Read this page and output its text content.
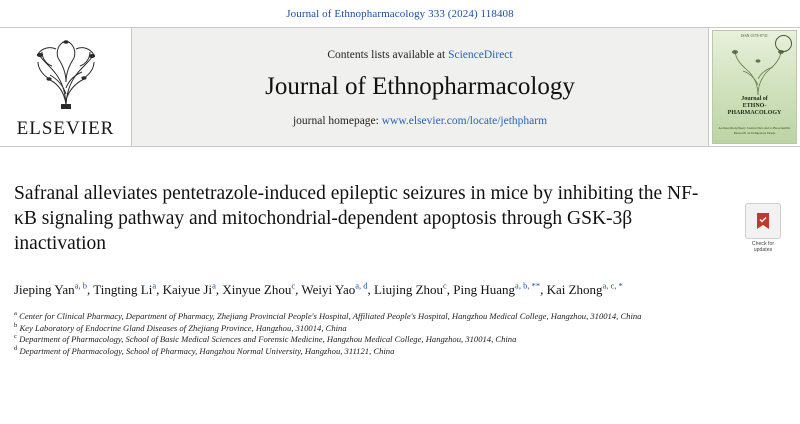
Journal of Ethnopharmacology 333 (2024) 118408
ELSEVIER
Contents lists available at ScienceDirect
Journal of Ethnopharmacology
journal homepage: www.elsevier.com/locate/jethpharm
ISSN 0378-8741
Journal of
ETHNO-
PHARMACOLOGY
An Interdisciplinary Journal Devoted to Bioscientific Research on Indigenous Drugs
Check for
updates
Safranal alleviates pentetrazole-induced epileptic seizures in mice by inhibiting the NF-κB signaling pathway and mitochondrial-dependent apoptosis through GSK-3β inactivation
Jieping Yan$^{a, b}$, Tingting Li$^a$, Kaiyue Ji$^a$, Xinyue Zhou$^c$, Weiyi Yao$^{a, d}$, Liujing Zhou$^c$, Ping Huang$^{a, b, **}$, Kai Zhong$^{a, c, *}$
$^a$ Center for Clinical Pharmacy, Department of Pharmacy, Zhejiang Provincial People's Hospital, Affiliated People's Hospital, Hangzhou Medical College, Hangzhou, 310014, China
$^b$ Key Laboratory of Endocrine Gland Diseases of Zhejiang Province, Hangzhou, 310014, China
$^c$ Department of Pharmacology, School of Basic Medical Sciences and Forensic Medicine, Hangzhou Medical College, Hangzhou, 310014, China
$^d$ Department of Pharmacology, School of Pharmacy, Hangzhou Normal University, Hangzhou, 311121, China
